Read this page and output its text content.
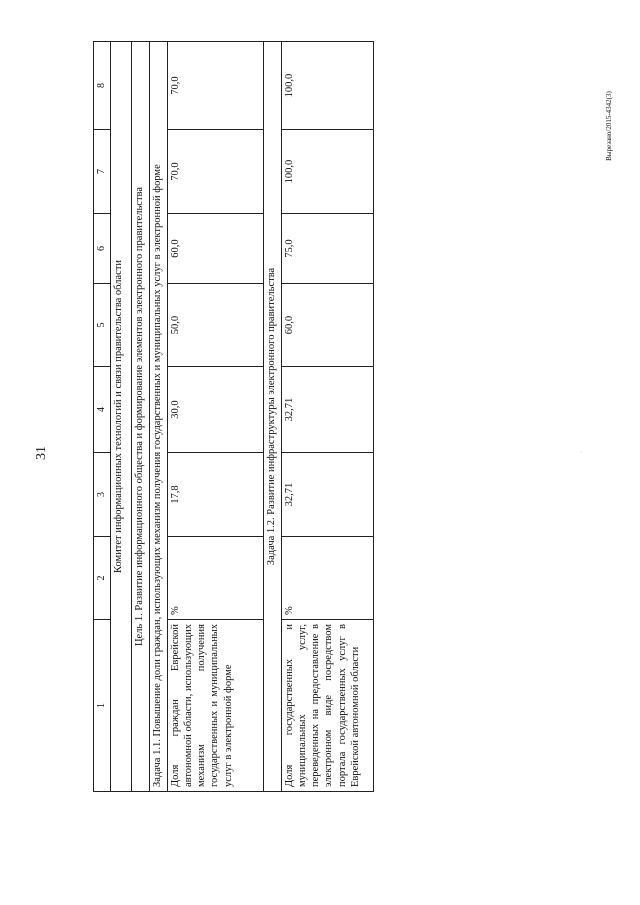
31
1	2	3	4	5	6	7	8
Комитет информационных технологий и связи правительства области							
Цель 1. Развитие информационного общества и формирование элементов электронного правительства							
Задача 1.1. Повышение доли граждан, использующих механизм получения государственных и муниципальных услуг в электронной форме							
Доля граждан Еврейской автономной области, использующих механизм получения государственных и муниципальных услуг в электронной форме	%	17,8	30,0	50,0	60,0	70,0	70,0
Задача 1.2. Развитие инфраструктуры электронного правительства							
Доля государственных и муниципальных услуг, переведенных на предоставление в электронном виде посредством портала государственных услуг в Еврейской автономной области	%	32,71	32,71	60,0	75,0	100,0	100,0
·
Вырезано/2015-4342(3)
